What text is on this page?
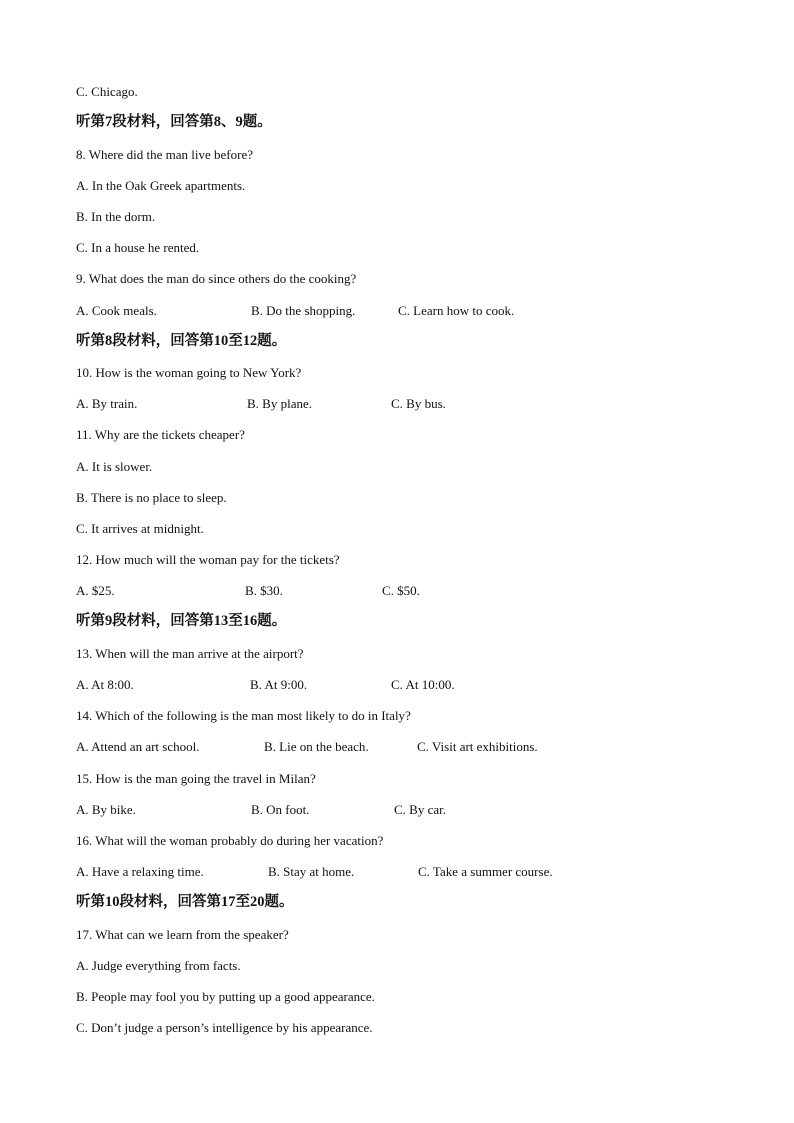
C. Chicago.
听第7段材料，回答第8、9题。
8. Where did the man live before?
A. In the Oak Greek apartments.
B. In the dorm.
C. In a house he rented.
9. What does the man do since others do the cooking?
A. Cook meals.	B. Do the shopping.	C. Learn how to cook.
听第8段材料，回答第10至12题。
10. How is the woman going to New York?
A. By train.	B. By plane.	C. By bus.
11. Why are the tickets cheaper?
A. It is slower.
B. There is no place to sleep.
C. It arrives at midnight.
12. How much will the woman pay for the tickets?
A. $25.	B. $30.	C. $50.
听第9段材料，回答第13至16题。
13. When will the man arrive at the airport?
A. At 8:00.	B. At 9:00.	C. At 10:00.
14. Which of the following is the man most likely to do in Italy?
A. Attend an art school.	B. Lie on the beach.	C. Visit art exhibitions.
15. How is the man going the travel in Milan?
A. By bike.	B. On foot.	C. By car.
16. What will the woman probably do during her vacation?
A. Have a relaxing time.	B. Stay at home.	C. Take a summer course.
听第10段材料，回答第17至20题。
17. What can we learn from the speaker?
A. Judge everything from facts.
B. People may fool you by putting up a good appearance.
C. Don’t judge a person’s intelligence by his appearance.
